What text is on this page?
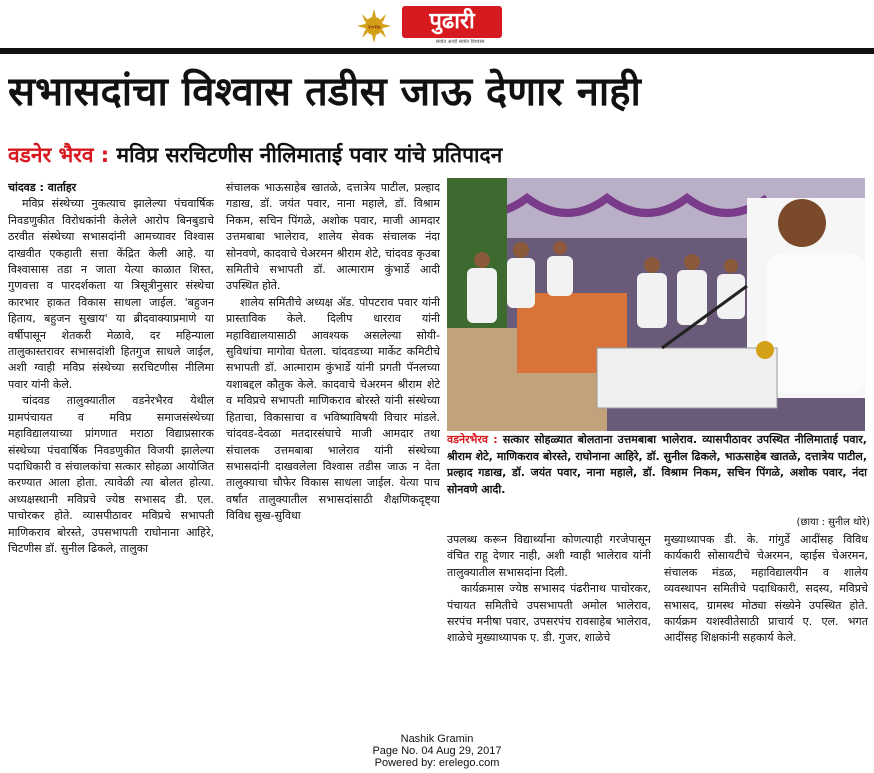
२०१७	पुढारी
सर्वात आधी सर्वात विश्वास
सभासदांचा विश्वास तडीस जाऊ देणार नाही
वडनेर भैरव : मविप्र सरचिटणीस नीलिमाताई पवार यांचे प्रतिपादन
चांदवड : वार्ताहर

मविप्र संस्थेच्या नुकत्याच झालेल्या पंचवार्षिक निवडणुकीत विरोधकांनी केलेले आरोप बिनबुडाचे ठरवीत संस्थेच्या सभासदांनी आमच्यावर विश्वास दाखवीत एकहाती सत्ता केंद्रित केली आहे. या विश्वासास तडा न जाता येत्या काळात शिस्त, गुणवत्ता व पारदर्शकता या त्रिसूत्रीनुसार संस्थेचा कारभार हाकत विकास साधला जाईल. 'बहुजन हिताय, बहुजन सुखाय' या ब्रीदवाक्याप्रमाणे या वर्षीपासून शेतकरी मेळावे, दर महिन्याला तालुकास्तरावर सभासदांशी हितगुज साधले जाईल, अशी ग्वाही मविप्र संस्थेच्या सरचिटणीस नीलिमा पवार यांनी केले.

चांदवड तालुक्यातील वडनेरभैरव येथील ग्रामपंचायत व मविप्र समाजसंस्थेच्या महाविद्यालयाच्या प्रांगणात मराठा विद्याप्रसारक संस्थेच्या पंचवार्षिक निवडणुकीत विजयी झालेल्या पदाधिकारी व संचालकांचा सत्कार सोहळा आयोजित करण्यात आला होता. त्यावेळी त्या बोलत होत्या. अध्यक्षस्थानी मविप्रचे ज्येष्ठ सभासद डी. एल. पाचोरकर होते. व्यासपीठावर मविप्रचे सभापती माणिकराव बोरस्ते, उपसभापती राघोनाना आहिरे, चिटणीस डॉ. सुनील ढिकले, तालुका

संचालक भाऊसाहेब खातळे, दत्तात्रेय पाटील, प्रल्हाद गडाख, डॉ. जयंत पवार, नाना महाले, डॉ. विश्राम निकम, सचिन पिंगळे, अशोक पवार, माजी आमदार उत्तमबाबा भालेराव, शालेय सेवक संचालक नंदा सोनवणे, कादवाचे चेअरमन श्रीराम शेटे, चांदवड कृउबा समितीचे सभापती डॉ. आत्माराम कुंभार्डे आदी उपस्थित होते.

शालेय समितीचे अध्यक्ष ॲड. पोपटराव पवार यांनी प्रास्ताविक केले. दिलीप धारराव यांनी महाविद्यालयासाठी आवश्यक असलेल्या सोयी-सुविधांचा मागोवा घेतला. चांदवडच्या मार्केट कमिटीचे सभापती डॉ. आत्माराम कुंभार्डे यांनी प्रगती पॅनलच्या यशाबद्दल कौतुक केले. कादवाचे चेअरमन श्रीराम शेटे व मविप्रचे सभापती माणिकराव बोरस्ते यांनी संस्थेच्या हिताचा, विकासाचा व भविष्याविषयी विचार मांडले. चांदवड-देवळा मतदारसंघाचे माजी आमदार तथा संचालक उत्तमबाबा भालेराव यांनी संस्थेच्या सभासदांनी दाखवलेला विश्वास तडीस जाऊ न देता तालुक्याचा चौफेर विकास साधला जाईल. येत्या पाच वर्षांत तालुक्यातील सभासदांसाठी शैक्षणिकदृष्ट्या विविध सुख-सुविधा

वडनेरभैरव : सत्कार सोहळ्यात बोलताना उत्तमबाबा भालेराव. व्यासपीठावर उपस्थित नीलिमाताई पवार, श्रीराम शेटे, माणिकराव बोरस्ते, राघोनाना आहिरे, डॉ. सुनील ढिकले, भाऊसाहेब खातळे, दत्तात्रेय पाटील, प्रल्हाद गडाख, डॉ. जयंत पवार, नाना महाले, डॉ. विश्राम निकम, सचिन पिंगळे, अशोक पवार, नंदा सोनवणे आदी.
(छाया : सुनील थोरे)

उपलब्ध करून विद्यार्थ्यांना कोणत्याही गरजेपासून वंचित राहू देणार नाही, अशी ग्वाही भालेराव यांनी तालुक्यातील सभासदांना दिली.

कार्यक्रमास ज्येष्ठ सभासद पंढरीनाथ पाचोरकर, पंचायत समितीचे उपसभापती अमोल भालेराव, सरपंच मनीषा पवार, उपसरपंच रावसाहेब भालेराव, शाळेचे मुख्याध्यापक ए. डी. गुजर, शाळेचे

मुख्याध्यापक डी. के. गांगुर्डे आदींसह विविध कार्यकारी सोसायटीचे चेअरमन, व्हाईस चेअरमन, संचालक मंडळ, महाविद्यालयीन व शालेय व्यवस्थापन समितीचे पदाधिकारी, सदस्य, मविप्रचे सभासद, ग्रामस्थ मोठ्या संख्येने उपस्थित होते. कार्यक्रम यशस्वीतेसाठी प्राचार्य ए. एल. भगत आदींसह शिक्षकांनी सहकार्य केले.

Nashik Gramin
Page No. 04 Aug 29, 2017
Powered by: erelego.com
